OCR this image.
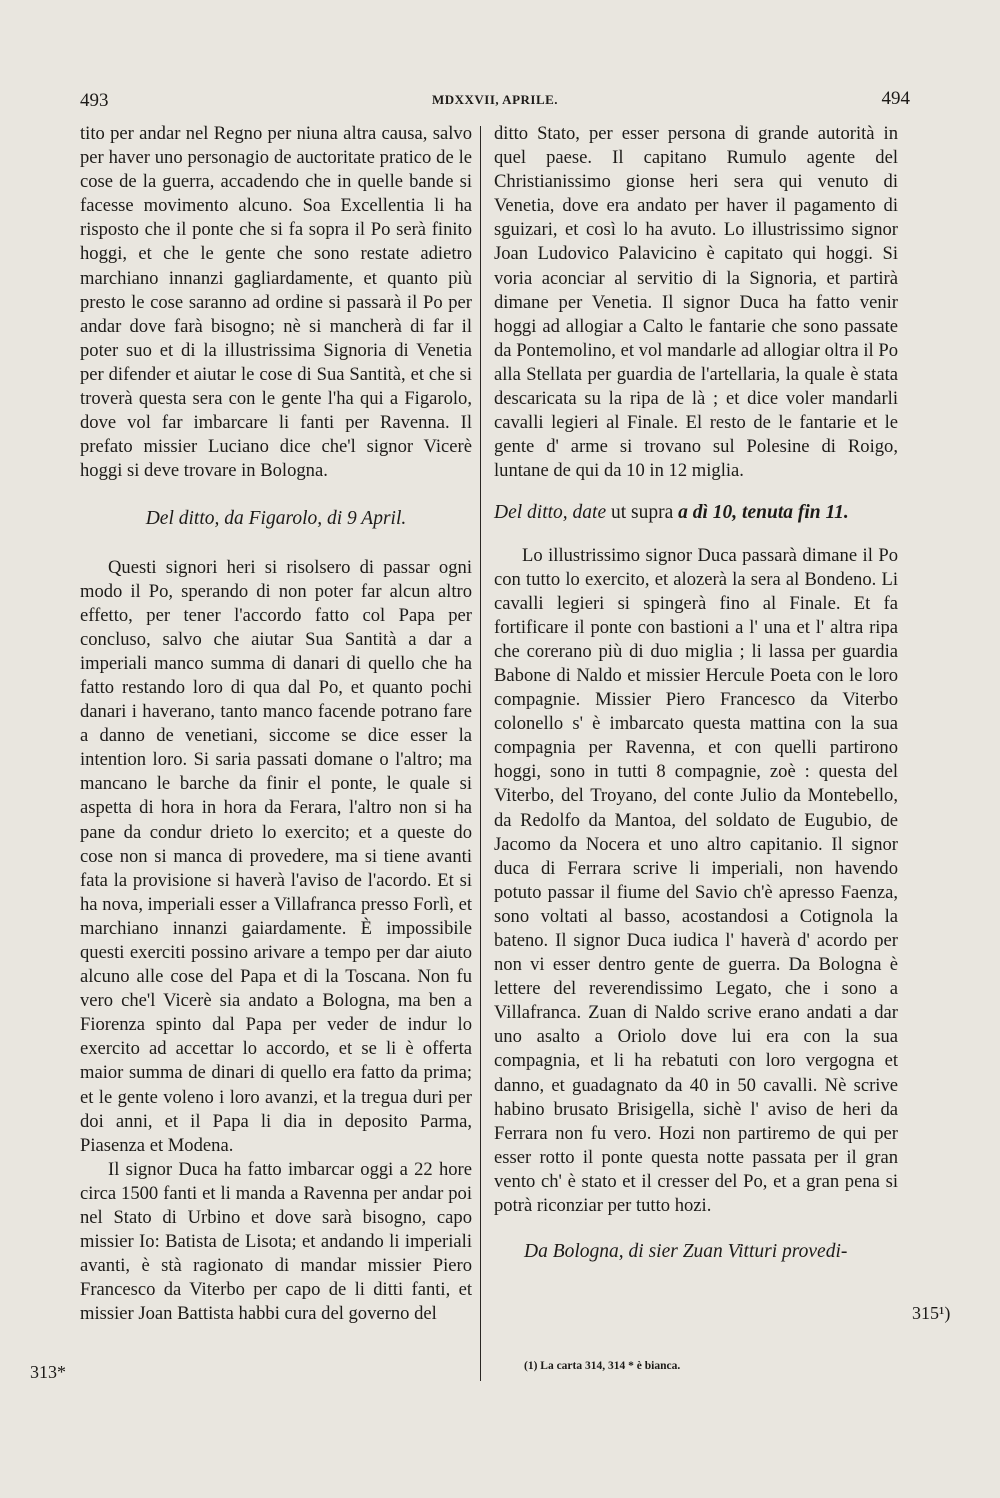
493	MDXXVII, APRILE.	494

tito per andar nel Regno per niuna altra causa, salvo per haver uno personagio de auctoritate pratico de le cose de la guerra, accadendo che in quelle bande si facesse movimento alcuno. Soa Excellentia li ha risposto che il ponte che si fa sopra il Po serà finito hoggi, et che le gente che sono restate adietro marchiano innanzi gagliardamente, et quanto più presto le cose saranno ad ordine si passarà il Po per andar dove farà bisogno; nè si mancherà di far il poter suo et di la illustrissima Signoria di Venetia per difender et aiutar le cose di Sua Santità, et che si troverà questa sera con le gente l'ha qui a Figarolo, dove vol far imbarcare li fanti per Ravenna. Il prefato missier Luciano dice che'l signor Vicerè hoggi si deve trovare in Bologna.

Del ditto, da Figarolo, di 9 April.

Questi signori heri si risolsero di passar ogni modo il Po, sperando di non poter far alcun altro effetto, per tener l'accordo fatto col Papa per concluso, salvo che aiutar Sua Santità a dar a imperiali manco summa di danari di quello che ha fatto restando loro di qua dal Po, et quanto pochi danari i haverano, tanto manco facende potrano fare a danno de venetiani, siccome se dice esser la intention loro. Si saria passati domane o l'altro; ma mancano le barche da finir el ponte, le quale si aspetta di hora in hora da Ferara, l'altro non si ha pane da condur drieto lo exercito; et a queste do cose non si manca di provedere, ma si tiene avanti fata la provisione si haverà l'aviso de l'acordo. Et si ha nova, imperiali esser a Villafranca presso Forlì, et marchiano innanzi gaiardamente. È impossibile questi exerciti possino arivare a tempo per dar aiuto alcuno alle cose del Papa et di la Toscana. Non fu vero che'l Vicerè sia andato a Bologna, ma ben a Fiorenza spinto dal Papa per veder de indur lo exercito ad accettar lo accordo, et se li è offerta maior summa de dinari di quello era fatto da prima; et le gente voleno i loro avanzi, et la tregua duri per doi anni, et il Papa li dia in deposito Parma, Piasenza et Modena.

Il signor Duca ha fatto imbarcar oggi a 22 hore circa 1500 fanti et li manda a Ravenna per andar poi nel Stato di Urbino et dove sarà bisogno, capo missier Io: Batista de Lisota; et andando li imperiali avanti, è stà ragionato di mandar missier Piero Francesco da Viterbo per capo de li ditti fanti, et missier Joan Battista habbi cura del governo del

ditto Stato, per esser persona di grande autorità in quel paese. Il capitano Rumulo agente del Christianissimo gionse heri sera qui venuto di Venetia, dove era andato per haver il pagamento di sguizari, et così lo ha avuto. Lo illustrissimo signor Joan Ludovico Palavicino è capitato qui hoggi. Si voria aconciar al servitio di la Signoria, et partirà dimane per Venetia. Il signor Duca ha fatto venir hoggi ad allogiar a Calto le fantarie che sono passate da Pontemolino, et vol mandarle ad allogiar oltra il Po alla Stellata per guardia de l'artellaria, la quale è stata descaricata su la ripa de là ; et dice voler mandarli cavalli legieri al Finale. El resto de le fantarie et le gente d' arme si trovano sul Polesine di Roigo, luntane de qui da 10 in 12 miglia.

Del ditto, date ut supra a dì 10, tenuta fin 11.

Lo illustrissimo signor Duca passarà dimane il Po con tutto lo exercito, et alozerà la sera al Bondeno. Li cavalli legieri si spingerà fino al Finale. Et fa fortificare il ponte con bastioni a l' una et l' altra ripa che corerano più di duo miglia ; li lassa per guardia Babone di Naldo et missier Hercule Poeta con le loro compagnie. Missier Piero Francesco da Viterbo colonello s' è imbarcato questa mattina con la sua compagnia per Ravenna, et con quelli partirono hoggi, sono in tutti 8 compagnie, zoè : questa del Viterbo, del Troyano, del conte Julio da Montebello, da Redolfo da Mantoa, del soldato de Eugubio, de Jacomo da Nocera et uno altro capitanio. Il signor duca di Ferrara scrive li imperiali, non havendo potuto passar il fiume del Savio ch'è apresso Faenza, sono voltati al basso, acostandosi a Cotignola la bateno. Il signor Duca iudica l' haverà d' acordo per non vi esser dentro gente de guerra. Da Bologna è lettere del reverendissimo Legato, che i sono a Villafranca. Zuan di Naldo scrive erano andati a dar uno asalto a Oriolo dove lui era con la sua compagnia, et li ha rebatuti con loro vergogna et danno, et guadagnato da 40 in 50 cavalli. Nè scrive habino brusato Brisigella, sichè l' aviso de heri da Ferrara non fu vero. Hozi non partiremo de qui per esser rotto il ponte questa notte passata per il gran vento ch' è stato et il cresser del Po, et a gran pena si potrà riconziar per tutto hozi.

Da Bologna, di sier Zuan Vitturi provedi-

313*
315¹)
(1) La carta 314, 314 * è bianca.
